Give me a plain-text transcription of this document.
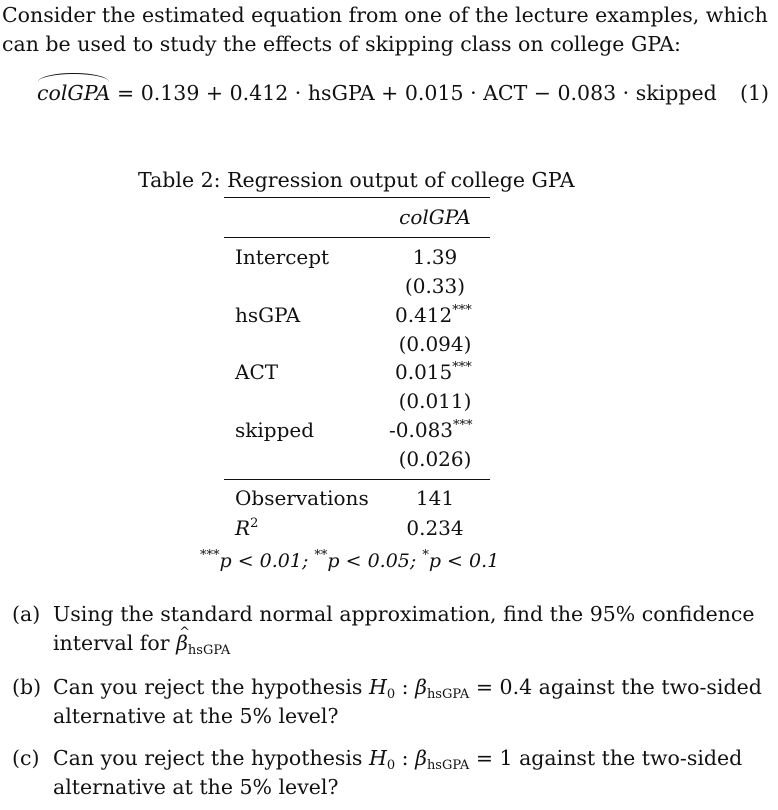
Consider the estimated equation from one of the lecture examples, which
can be used to study the effects of skipping class on college GPA:
colGPA = 0.139 + 0.412 · hsGPA + 0.015 · ACT − 0.083 · skipped (1)
Table 2: Regression output of college GPA
colGPA
Intercept	1.39
(0.33)
hsGPA	0.412***
(0.094)
ACT	0.015***
(0.011)
skipped	-0.083***
(0.026)
Observations	141
$R^2$	0.234
***p < 0.01; **p < 0.05; *p < 0.1
(a) Using the standard normal approximation, find the 95% confidence
interval for ^ $\beta_{hsGPA}$
(b) Can you reject the hypothesis $H_0$ : $\beta_{hsGPA} = 0.4$ against the two-sided
alternative at the 5% level?
(c) Can you reject the hypothesis $H_0$ : $\beta_{hsGPA} = 1$ against the two-sided
alternative at the 5% level?
